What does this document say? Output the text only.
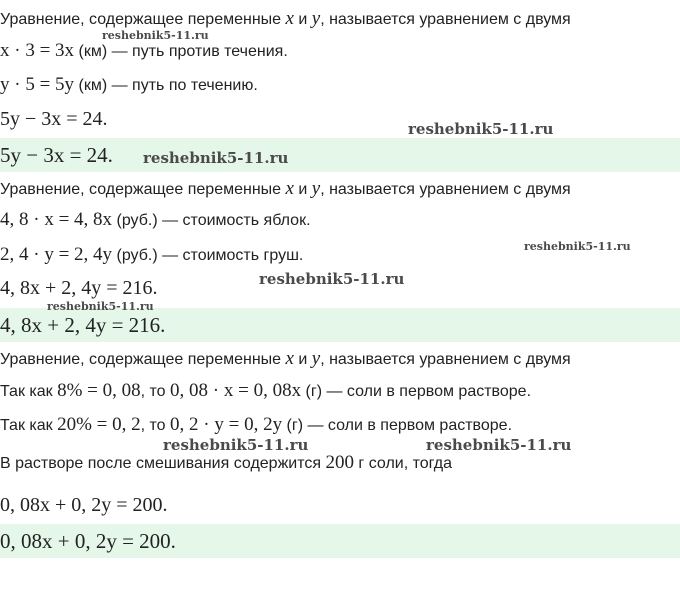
Уравнение, содержащее переменные x и y, называется уравнением с двумя
x · 3 = 3x (км) — путь против течения.
y · 5 = 5y (км) — путь по течению.
5y − 3x = 24.
5y − 3x = 24.
Уравнение, содержащее переменные x и y, называется уравнением с двумя
4, 8 · x = 4, 8x (руб.) — стоимость яблок.
2, 4 · y = 2, 4y (руб.) — стоимость груш.
4, 8x + 2, 4y = 216.
4, 8x + 2, 4y = 216.
Уравнение, содержащее переменные x и y, называется уравнением с двумя
Так как 8% = 0, 08, то 0, 08 · x = 0, 08x (г) — соли в первом растворе.
Так как 20% = 0, 2, то 0, 2 · y = 0, 2y (г) — соли в первом растворе.
В растворе после смешивания содержится 200 г соли, тогда
0, 08x + 0, 2y = 200.
0, 08x + 0, 2y = 200.
reshebnik5-11.ru
reshebnik5-11.ru
reshebnik5-11.ru
reshebnik5-11.ru
reshebnik5-11.ru
reshebnik5-11.ru
reshebnik5-11.ru	reshebnik5-11.ru
